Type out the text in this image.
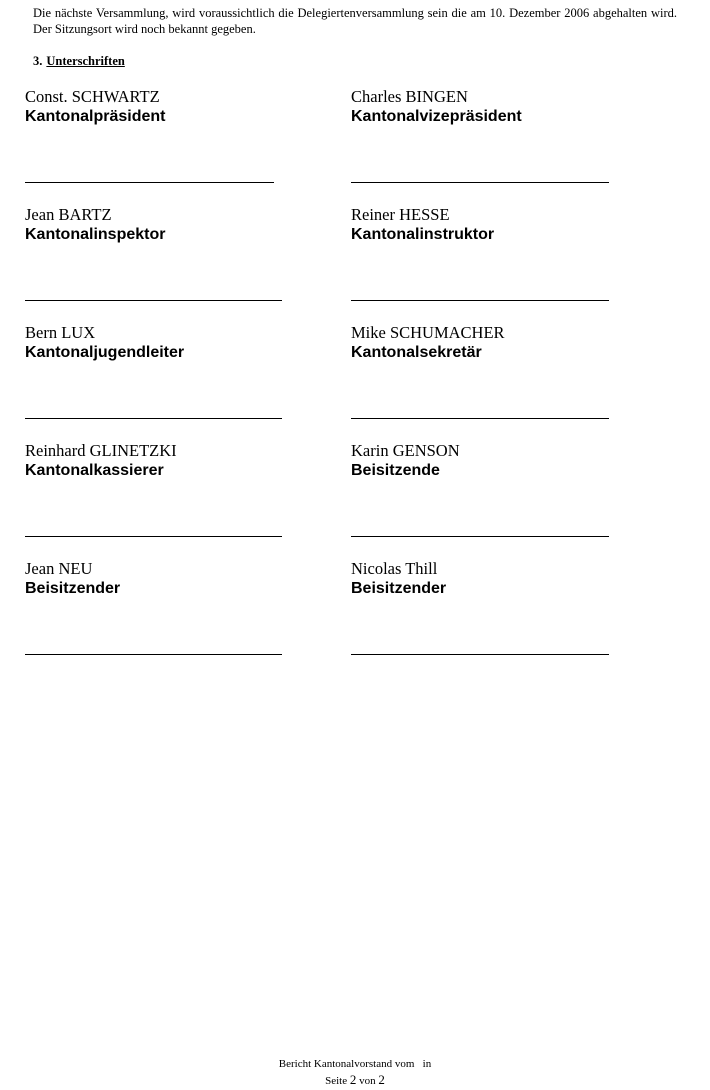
Die nächste Versammlung, wird voraussichtlich die Delegiertenversammlung sein die am 10. Dezember 2006 abgehalten wird. Der Sitzungsort wird noch bekannt gegeben.
3. Unterschriften
Const. SCHWARTZ
Kantonalpräsident
Charles BINGEN
Kantonalvizepräsident
Jean BARTZ
Kantonalinspektor
Reiner HESSE
Kantonalinstruktor
Bern LUX
Kantonaljugendleiter
Mike SCHUMACHER
Kantonalsekretär
Reinhard GLINETZKI
Kantonalkassierer
Karin GENSON
Beisitzende
Jean NEU
Beisitzender
Nicolas Thill
Beisitzender
Bericht Kantonalvorstand vom   in
Seite 2 von 2
